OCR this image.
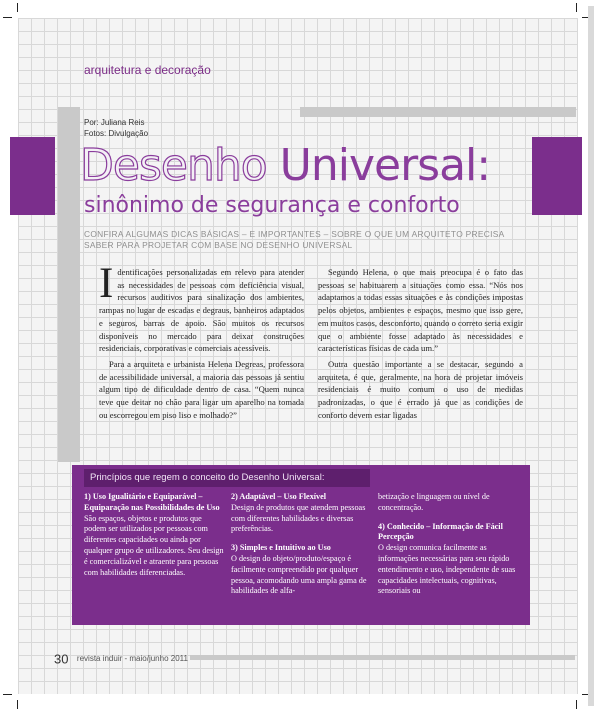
arquitetura e decoração
Por: Juliana Reis
Fotos: Divulgação
Desenho Universal:
sinônimo de segurança e conforto
CONFIRA ALGUMAS DICAS BÁSICAS – E IMPORTANTES – SOBRE O QUE UM ARQUITETO PRECISA SABER PARA PROJETAR COM BASE NO DESENHO UNIVERSAL

Identificações personalizadas em relevo para atender as necessidades de pessoas com deficiência visual, recursos auditivos para sinalização dos ambientes, rampas no lugar de escadas e degraus, banheiros adaptados e seguros, barras de apoio. São muitos os recursos disponíveis no mercado para deixar construções residenciais, corporativas e comerciais acessíveis.

Para a arquiteta e urbanista Helena Degreas, professora de acessibilidade universal, a maioria das pessoas já sentiu algum tipo de dificuldade dentro de casa. “Quem nunca teve que deitar no chão para ligar um aparelho na tomada ou escorregou em piso liso e molhado?”

Segundo Helena, o que mais preocupa é o fato das pessoas se habituarem a situações como essa. “Nós nos adaptamos a todas essas situações e às condições impostas pelos objetos, ambientes e espaços, mesmo que isso gere, em muitos casos, desconforto, quando o correto seria exigir que o ambiente fosse adaptado às necessidades e características físicas de cada um.”

Outra questão importante a se destacar, segundo a arquiteta, é que, geralmente, na hora de projetar imóveis residenciais é muito comum o uso de medidas padronizadas, o que é errado já que as condições de conforto devem estar ligadas

Princípios que regem o conceito do Desenho Universal:

1) Uso Igualitário e Equiparável – Equiparação nas Possibilidades de Uso

São espaços, objetos e produtos que podem ser utilizados por pessoas com diferentes capacidades ou ainda por qualquer grupo de utilizadores. Seu design é comercializável e atraente para pessoas com habilidades diferenciadas.

2) Adaptável – Uso Flexível

Design de produtos que atendem pessoas com diferentes habilidades e diversas preferências.

3) Simples e Intuitivo ao Uso

O design do objeto/produto/espaço é facilmente compreendido por qualquer pessoa, acomodando uma ampla gama de habilidades de alfa-

betização e linguagem ou nível de concentração.

4) Conhecido – Informação de Fácil Percepção

O design comunica facilmente as informações necessárias para seu rápido entendimento e uso, independente de suas capacidades intelectuais, cognitivas, sensoriais ou

30 revista induir - maio/junho 2011
